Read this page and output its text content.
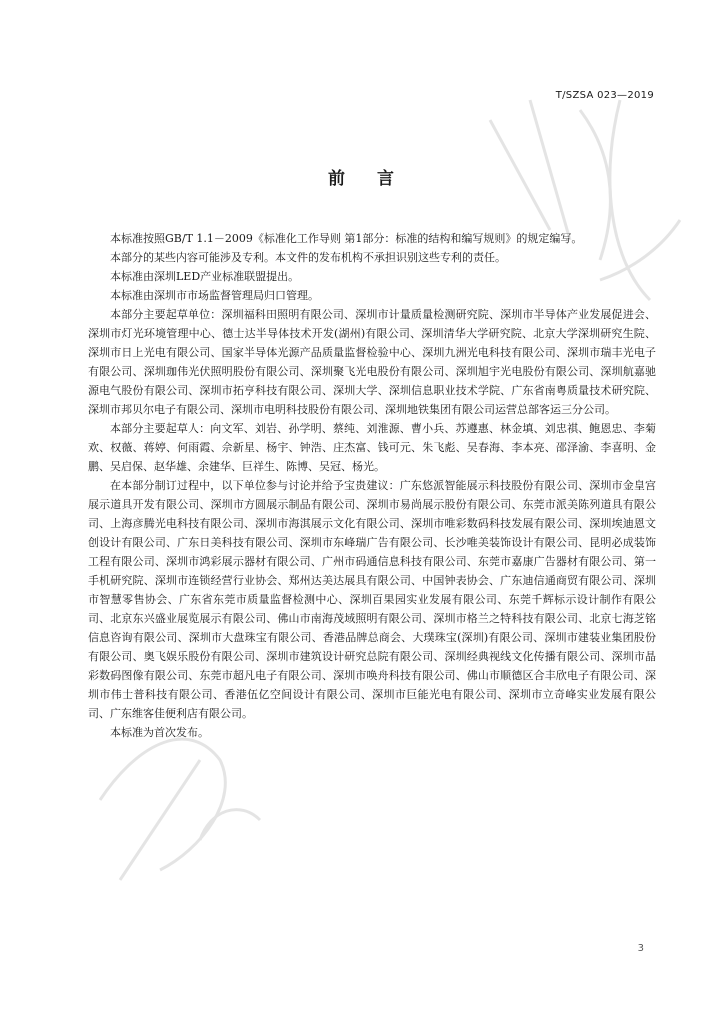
T/SZSA 023—2019
前 言

本标准按照GB/T 1.1－2009《标准化工作导则 第1部分：标准的结构和编写规则》的规定编写。

本部分的某些内容可能涉及专利。本文件的发布机构不承担识别这些专利的责任。

本标准由深圳LED产业标准联盟提出。

本标准由深圳市市场监督管理局归口管理。

本部分主要起草单位：深圳福科田照明有限公司、深圳市计量质量检测研究院、深圳市半导体产业发展促进会、深圳市灯光环境管理中心、德士达半导体技术开发(湖州)有限公司、深圳清华大学研究院、北京大学深圳研究生院、深圳市日上光电有限公司、国家半导体光源产品质量监督检验中心、深圳九洲光电科技有限公司、深圳市瑞丰光电子有限公司、深圳珈伟光伏照明股份有限公司、深圳聚飞光电股份有限公司、深圳旭宇光电股份有限公司、深圳航嘉驰源电气股份有限公司、深圳市拓亨科技有限公司、深圳大学、深圳信息职业技术学院、广东省南粤质量技术研究院、深圳市邦贝尔电子有限公司、深圳市电明科技股份有限公司、深圳地铁集团有限公司运营总部客运三分公司。

本部分主要起草人：向文军、刘岩、孙学明、蔡纯、刘淮源、曹小兵、苏遵惠、林金填、刘忠祺、鲍恩忠、李菊欢、权薇、蒋婷、何雨霞、佘新星、杨宇、钟浩、庄杰富、钱可元、朱飞彪、吴春海、李本亮、邵泽渝、李喜明、金鹏、吴启保、赵华雄、余建华、巨祥生、陈博、吴冠、杨光。

在本部分制订过程中，以下单位参与讨论并给予宝贵建议：广东悠派智能展示科技股份有限公司、深圳市金皇宫展示道具开发有限公司、深圳市方圆展示制品有限公司、深圳市易尚展示股份有限公司、东莞市派美陈列道具有限公司、上海彦腾光电科技有限公司、深圳市海淇展示文化有限公司、深圳市唯彩数码科技发展有限公司、深圳埃迪恩文创设计有限公司、广东日美科技有限公司、深圳市东峰瑞广告有限公司、长沙唯美装饰设计有限公司、昆明必成装饰工程有限公司、深圳市鸿彩展示器材有限公司、广州市码通信息科技有限公司、东莞市嘉康广告器材有限公司、第一手机研究院、深圳市连锁经营行业协会、郑州达美达展具有限公司、中国钟表协会、广东迪信通商贸有限公司、深圳市智慧零售协会、广东省东莞市质量监督检测中心、深圳百果园实业发展有限公司、东莞千辉标示设计制作有限公司、北京东兴盛业展览展示有限公司、佛山市南海茂域照明有限公司、深圳市格兰之特科技有限公司、北京七海芝铭信息咨询有限公司、深圳市大盘珠宝有限公司、香港品牌总商会、大璞珠宝(深圳)有限公司、深圳市建装业集团股份有限公司、奥飞娱乐股份有限公司、深圳市建筑设计研究总院有限公司、深圳经典视线文化传播有限公司、深圳市晶彩数码图像有限公司、东莞市超凡电子有限公司、深圳市唤舟科技有限公司、佛山市顺德区合丰欣电子有限公司、深圳市伟士普科技有限公司、香港伍亿空间设计有限公司、深圳市巨能光电有限公司、深圳市立奇峰实业发展有限公司、广东维客佳便利店有限公司。

本标准为首次发布。

3
